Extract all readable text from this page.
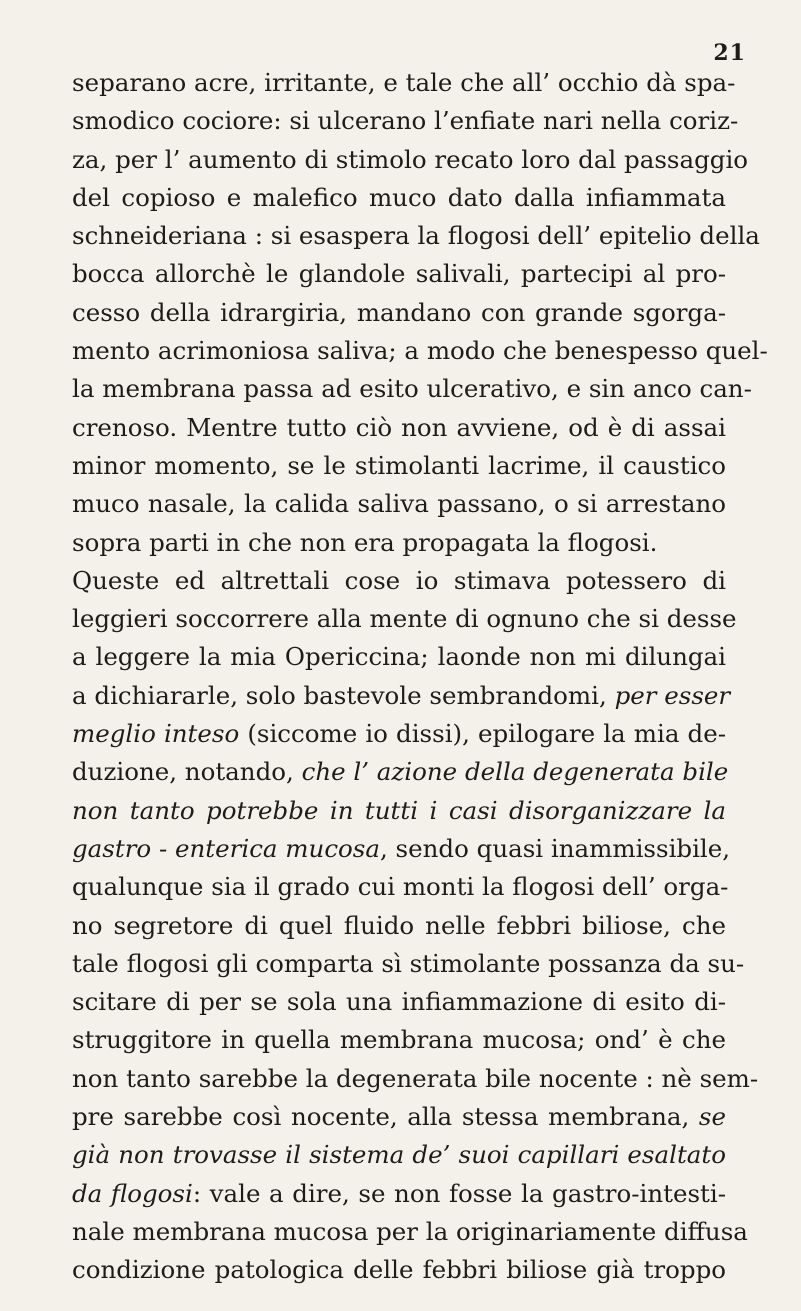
21
separano acre, irritante, e tale che all’ occhio dà spa-
smodico cociore: si ulcerano l’enfiate nari nella coriz-
za, per l’ aumento di stimolo recato loro dal passaggio
del copioso e malefico muco dato dalla infiammata
schneideriana : si esaspera la flogosi dell’ epitelio della
bocca allorchè le glandole salivali, partecipi al pro-
cesso della idrargiria, mandano con grande sgorga-
mento acrimoniosa saliva; a modo che benespesso quel-
la membrana passa ad esito ulcerativo, e sin anco can-
crenoso. Mentre tutto ciò non avviene, od è di assai
minor momento, se le stimolanti lacrime, il caustico
muco nasale, la calida saliva passano, o si arrestano
sopra parti in che non era propagata la flogosi.
Queste ed altrettali cose io stimava potessero di
leggieri soccorrere alla mente di ognuno che si desse
a leggere la mia Opericcina; laonde non mi dilungai
a dichiararle, solo bastevole sembrandomi, per esser
meglio inteso (siccome io dissi), epilogare la mia de-
duzione, notando, che l’ azione della degenerata bile
non tanto potrebbe in tutti i casi disorganizzare la
gastro - enterica mucosa, sendo quasi inammissibile,
qualunque sia il grado cui monti la flogosi dell’ orga-
no segretore di quel fluido nelle febbri biliose, che
tale flogosi gli comparta sì stimolante possanza da su-
scitare di per se sola una infiammazione di esito di-
struggitore in quella membrana mucosa; ond’ è che
non tanto sarebbe la degenerata bile nocente : nè sem-
pre sarebbe così nocente, alla stessa membrana, se
già non trovasse il sistema de’ suoi capillari esaltato
da flogosi: vale a dire, se non fosse la gastro-intesti-
nale membrana mucosa per la originariamente diffusa
condizione patologica delle febbri biliose già troppo
